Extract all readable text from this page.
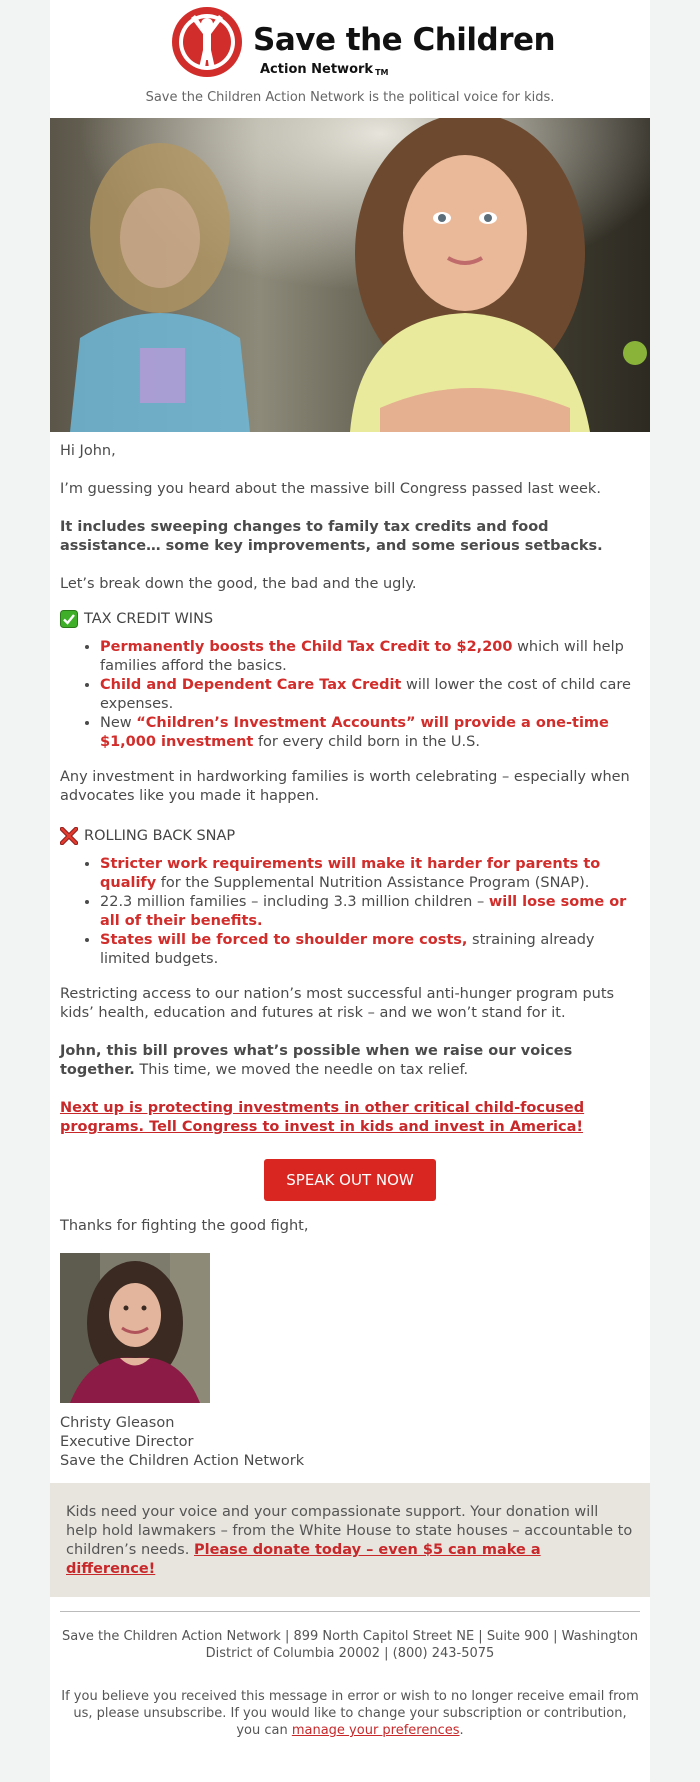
Save the Children
Action Network TM
Save the Children Action Network is the political voice for kids.

Hi John,

I’m guessing you heard about the massive bill Congress passed last week.

It includes sweeping changes to family tax credits and food assistance… some key improvements, and some serious setbacks.

Let’s break down the good, the bad and the ugly.

TAX CREDIT WINS
• Permanently boosts the Child Tax Credit to $2,200 which will help families afford the basics.
• Child and Dependent Care Tax Credit will lower the cost of child care expenses.
• New “Children’s Investment Accounts” will provide a one-time $1,000 investment for every child born in the U.S.

Any investment in hardworking families is worth celebrating – especially when advocates like you made it happen.

ROLLING BACK SNAP
• Stricter work requirements will make it harder for parents to qualify for the Supplemental Nutrition Assistance Program (SNAP).
• 22.3 million families – including 3.3 million children – will lose some or all of their benefits.
• States will be forced to shoulder more costs, straining already limited budgets.

Restricting access to our nation’s most successful anti-hunger program puts kids’ health, education and futures at risk – and we won’t stand for it.

John, this bill proves what’s possible when we raise our voices together. This time, we moved the needle on tax relief.

Next up is protecting investments in other critical child-focused programs. Tell Congress to invest in kids and invest in America!

SPEAK OUT NOW

Thanks for fighting the good fight,

Christy Gleason

Executive Director

Save the Children Action Network

Kids need your voice and your compassionate support. Your donation will help hold lawmakers – from the White House to state houses – accountable to children’s needs. Please donate today – even $5 can make a difference!
Save the Children Action Network | 899 North Capitol Street NE | Suite 900 | Washington District of Columbia 20002 | (800) 243-5075
If you believe you received this message in error or wish to no longer receive email from us, please unsubscribe. If you would like to change your subscription or contribution, you can manage your preferences.
